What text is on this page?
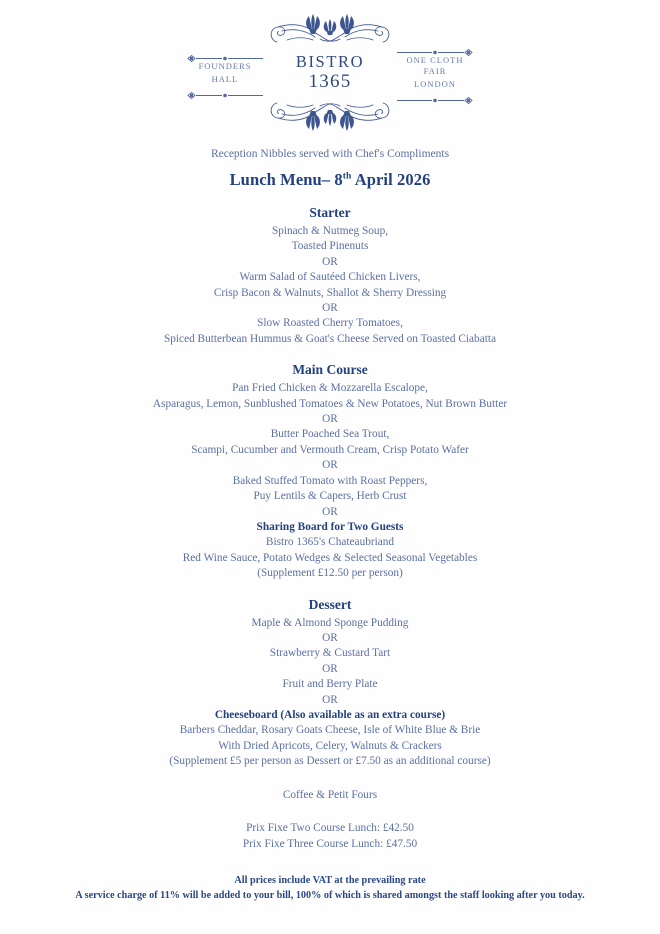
FOUNDERS
HALL
BISTRO
1365
ONE CLOTH FAIR
LONDON
Reception Nibbles served with Chef's Compliments
Lunch Menu– 8th April 2026
Starter
Spinach & Nutmeg Soup,
Toasted Pinenuts
OR
Warm Salad of Sautéed Chicken Livers,
Crisp Bacon & Walnuts, Shallot & Sherry Dressing
OR
Slow Roasted Cherry Tomatoes,
Spiced Butterbean Hummus & Goat's Cheese Served on Toasted Ciabatta
Main Course
Pan Fried Chicken & Mozzarella Escalope,
Asparagus, Lemon, Sunblushed Tomatoes & New Potatoes, Nut Brown Butter
OR
Butter Poached Sea Trout,
Scampi, Cucumber and Vermouth Cream, Crisp Potato Wafer
OR
Baked Stuffed Tomato with Roast Peppers,
Puy Lentils & Capers, Herb Crust
OR
Sharing Board for Two Guests
Bistro 1365's Chateaubriand
Red Wine Sauce, Potato Wedges & Selected Seasonal Vegetables
(Supplement £12.50 per person)
Dessert
Maple & Almond Sponge Pudding
OR
Strawberry & Custard Tart
OR
Fruit and Berry Plate
OR
Cheeseboard (Also available as an extra course)
Barbers Cheddar, Rosary Goats Cheese, Isle of White Blue & Brie
With Dried Apricots, Celery, Walnuts & Crackers
(Supplement £5 per person as Dessert or £7.50 as an additional course)
Coffee & Petit Fours
Prix Fixe Two Course Lunch: £42.50
Prix Fixe Three Course Lunch: £47.50
All prices include VAT at the prevailing rate
A service charge of 11% will be added to your bill, 100% of which is shared amongst the staff looking after you today.
